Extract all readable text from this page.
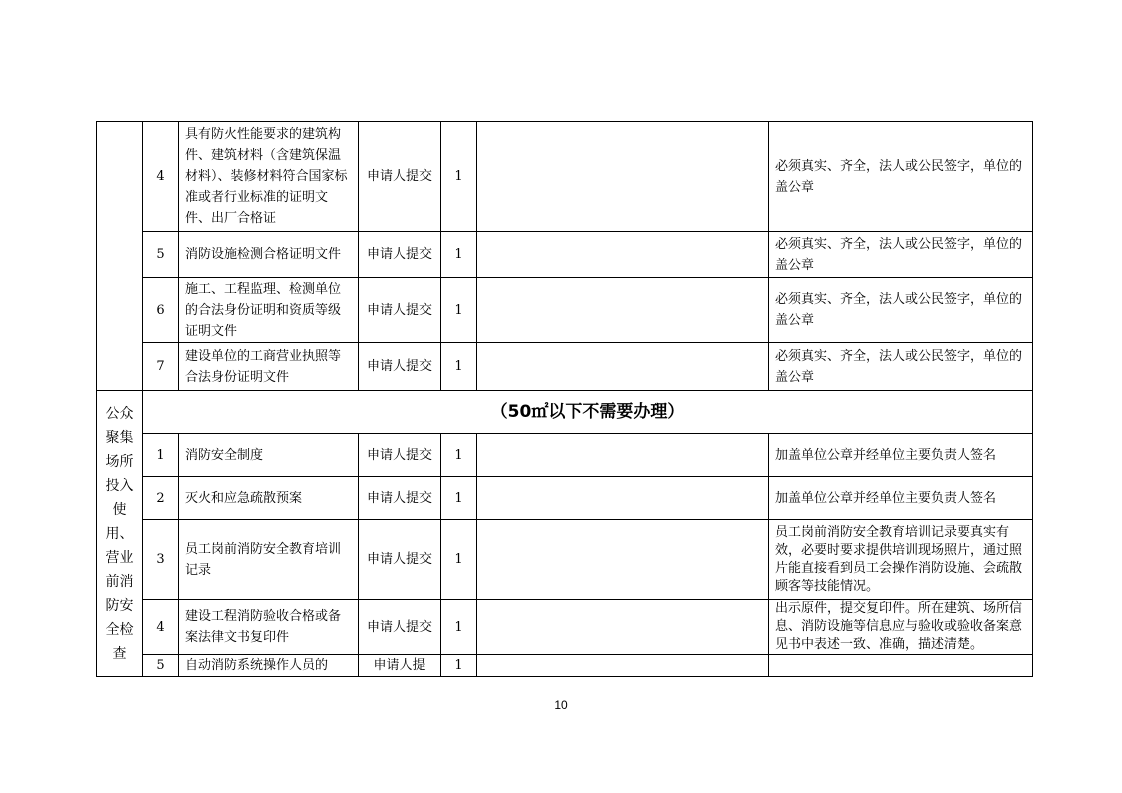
	4	具有防火性能要求的建筑构件、建筑材料（含建筑保温材料）、装修材料符合国家标准或者行业标准的证明文件、出厂合格证	申请人提交	1		必须真实、齐全，法人或公民签字，单位的盖公章
	5	消防设施检测合格证明文件	申请人提交	1		必须真实、齐全，法人或公民签字，单位的盖公章
	6	施工、工程监理、检测单位的合法身份证明和资质等级证明文件	申请人提交	1		必须真实、齐全，法人或公民签字，单位的盖公章
	7	建设单位的工商营业执照等合法身份证明文件	申请人提交	1		必须真实、齐全，法人或公民签字，单位的盖公章
公众聚集场所投入使用、营业前消防安全检查	（50㎡以下不需要办理）					
	1	消防安全制度	申请人提交	1		加盖单位公章并经单位主要负责人签名
	2	灭火和应急疏散预案	申请人提交	1		加盖单位公章并经单位主要负责人签名
	3	员工岗前消防安全教育培训记录	申请人提交	1		员工岗前消防安全教育培训记录要真实有效，必要时要求提供培训现场照片，通过照片能直接看到员工会操作消防设施、会疏散顾客等技能情况。
	4	建设工程消防验收合格或备案法律文书复印件	申请人提交	1		出示原件，提交复印件。所在建筑、场所信息、消防设施等信息应与验收或验收备案意见书中表述一致、准确，描述清楚。
	5	自动消防系统操作人员的	申请人提	1		
10
